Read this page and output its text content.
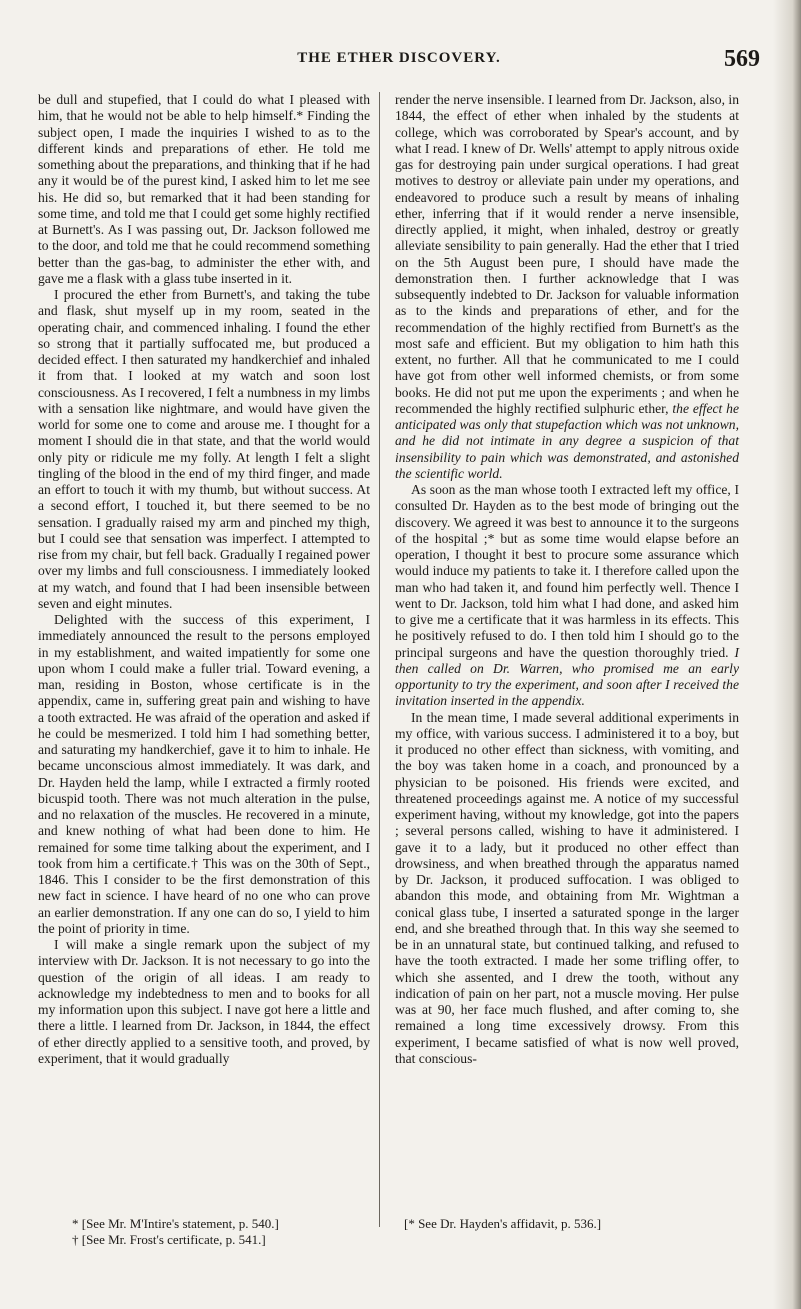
THE ETHER DISCOVERY.	569

be dull and stupefied, that I could do what I pleased with him, that he would not be able to help himself.* Finding the subject open, I made the inquiries I wished to as to the different kinds and preparations of ether. He told me something about the preparations, and thinking that if he had any it would be of the purest kind, I asked him to let me see his. He did so, but remarked that it had been standing for some time, and told me that I could get some highly rectified at Burnett's. As I was passing out, Dr. Jackson followed me to the door, and told me that he could recommend something better than the gas-bag, to administer the ether with, and gave me a flask with a glass tube inserted in it.

I procured the ether from Burnett's, and taking the tube and flask, shut myself up in my room, seated in the operating chair, and commenced inhaling. I found the ether so strong that it partially suffocated me, but produced a decided effect. I then saturated my handkerchief and inhaled it from that. I looked at my watch and soon lost consciousness. As I recovered, I felt a numbness in my limbs with a sensation like nightmare, and would have given the world for some one to come and arouse me. I thought for a moment I should die in that state, and that the world would only pity or ridicule me my folly. At length I felt a slight tingling of the blood in the end of my third finger, and made an effort to touch it with my thumb, but without success. At a second effort, I touched it, but there seemed to be no sensation. I gradually raised my arm and pinched my thigh, but I could see that sensation was imperfect. I attempted to rise from my chair, but fell back. Gradually I regained power over my limbs and full consciousness. I immediately looked at my watch, and found that I had been insensible between seven and eight minutes.

Delighted with the success of this experiment, I immediately announced the result to the persons employed in my establishment, and waited impatiently for some one upon whom I could make a fuller trial. Toward evening, a man, residing in Boston, whose certificate is in the appendix, came in, suffering great pain and wishing to have a tooth extracted. He was afraid of the operation and asked if he could be mesmerized. I told him I had something better, and saturating my handkerchief, gave it to him to inhale. He became unconscious almost immediately. It was dark, and Dr. Hayden held the lamp, while I extracted a firmly rooted bicuspid tooth. There was not much alteration in the pulse, and no relaxation of the muscles. He recovered in a minute, and knew nothing of what had been done to him. He remained for some time talking about the experiment, and I took from him a certificate.† This was on the 30th of Sept., 1846. This I consider to be the first demonstration of this new fact in science. I have heard of no one who can prove an earlier demonstration. If any one can do so, I yield to him the point of priority in time.

I will make a single remark upon the subject of my interview with Dr. Jackson. It is not necessary to go into the question of the origin of all ideas. I am ready to acknowledge my indebtedness to men and to books for all my information upon this subject. I nave got here a little and there a little. I learned from Dr. Jackson, in 1844, the effect of ether directly applied to a sensitive tooth, and proved, by experiment, that it would gradually

render the nerve insensible. I learned from Dr. Jackson, also, in 1844, the effect of ether when inhaled by the students at college, which was corroborated by Spear's account, and by what I read. I knew of Dr. Wells' attempt to apply nitrous oxide gas for destroying pain under surgical operations. I had great motives to destroy or alleviate pain under my operations, and endeavored to produce such a result by means of inhaling ether, inferring that if it would render a nerve insensible, directly applied, it might, when inhaled, destroy or greatly alleviate sensibility to pain generally. Had the ether that I tried on the 5th August been pure, I should have made the demonstration then. I further acknowledge that I was subsequently indebted to Dr. Jackson for valuable information as to the kinds and preparations of ether, and for the recommendation of the highly rectified from Burnett's as the most safe and efficient. But my obligation to him hath this extent, no further. All that he communicated to me I could have got from other well informed chemists, or from some books. He did not put me upon the experiments ; and when he recommended the highly rectified sulphuric ether, the effect he anticipated was only that stupefaction which was not unknown, and he did not intimate in any degree a suspicion of that insensibility to pain which was demonstrated, and astonished the scientific world.

As soon as the man whose tooth I extracted left my office, I consulted Dr. Hayden as to the best mode of bringing out the discovery. We agreed it was best to announce it to the surgeons of the hospital ;* but as some time would elapse before an operation, I thought it best to procure some assurance which would induce my patients to take it. I therefore called upon the man who had taken it, and found him perfectly well. Thence I went to Dr. Jackson, told him what I had done, and asked him to give me a certificate that it was harmless in its effects. This he positively refused to do. I then told him I should go to the principal surgeons and have the question thoroughly tried. I then called on Dr. Warren, who promised me an early opportunity to try the experiment, and soon after I received the invitation inserted in the appendix.

In the mean time, I made several additional experiments in my office, with various success. I administered it to a boy, but it produced no other effect than sickness, with vomiting, and the boy was taken home in a coach, and pronounced by a physician to be poisoned. His friends were excited, and threatened proceedings against me. A notice of my successful experiment having, without my knowledge, got into the papers ; several persons called, wishing to have it administered. I gave it to a lady, but it produced no other effect than drowsiness, and when breathed through the apparatus named by Dr. Jackson, it produced suffocation. I was obliged to abandon this mode, and obtaining from Mr. Wightman a conical glass tube, I inserted a saturated sponge in the larger end, and she breathed through that. In this way she seemed to be in an unnatural state, but continued talking, and refused to have the tooth extracted. I made her some trifling offer, to which she assented, and I drew the tooth, without any indication of pain on her part, not a muscle moving. Her pulse was at 90, her face much flushed, and after coming to, she remained a long time excessively drowsy. From this experiment, I became satisfied of what is now well proved, that conscious-

* [See Mr. M'Intire's statement, p. 540.]
† [See Mr. Frost's certificate, p. 541.]
[* See Dr. Hayden's affidavit, p. 536.]
